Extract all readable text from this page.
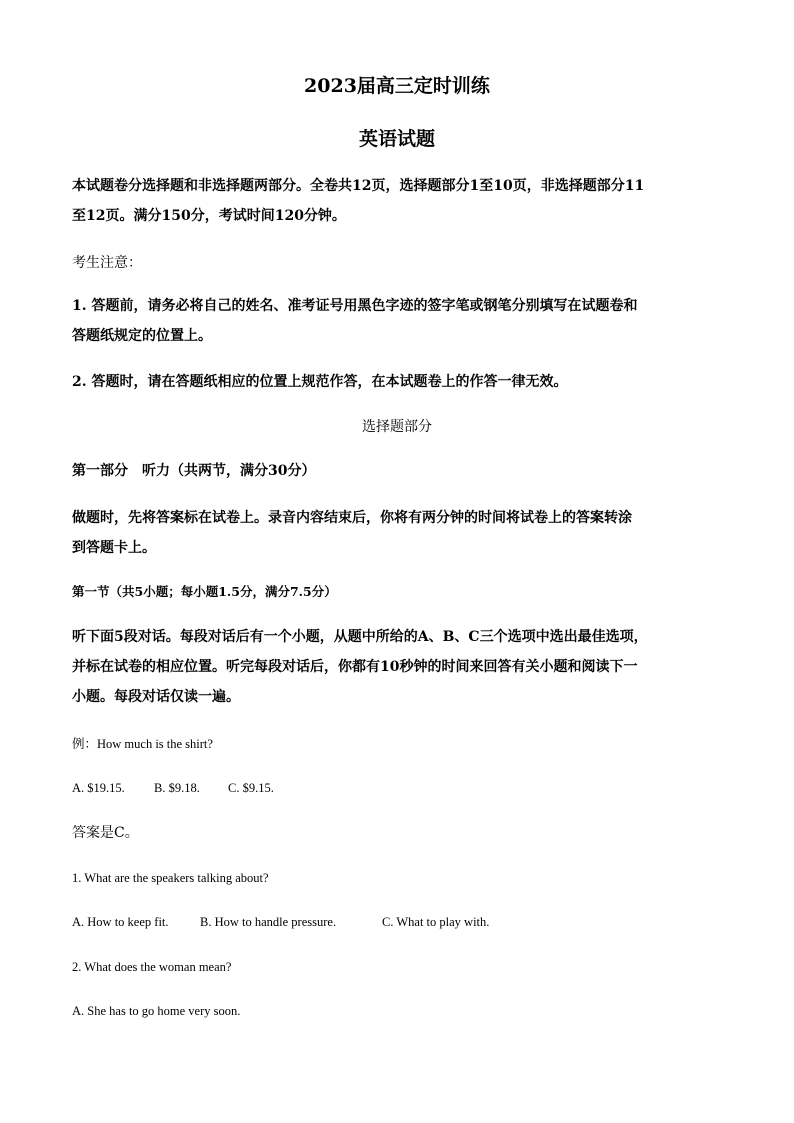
2023届高三定时训练
英语试题
本试题卷分选择题和非选择题两部分。全卷共12页，选择题部分1至10页，非选择题部分11
至12页。满分150分，考试时间120分钟。
考生注意：
1. 答题前，请务必将自己的姓名、准考证号用黑色字迹的签字笔或钢笔分别填写在试题卷和
答题纸规定的位置上。
2. 答题时，请在答题纸相应的位置上规范作答，在本试题卷上的作答一律无效。
选择题部分
第一部分　听力（共两节，满分30分）
做题时，先将答案标在试卷上。录音内容结束后，你将有两分钟的时间将试卷上的答案转涂
到答题卡上。
第一节（共5小题；每小题1.5分，满分7.5分）
听下面5段对话。每段对话后有一个小题，从题中所给的A、B、C三个选项中选出最佳选项，
并标在试卷的相应位置。听完每段对话后，你都有10秒钟的时间来回答有关小题和阅读下一
小题。每段对话仅读一遍。
例：How much is the shirt?
A. $19.15. B. $9.18. C. $9.15.
答案是C。
1. What are the speakers talking about?
A. How to keep fit.	B. How to handle pressure.	C. What to play with.
2. What does the woman mean?
A. She has to go home very soon.
